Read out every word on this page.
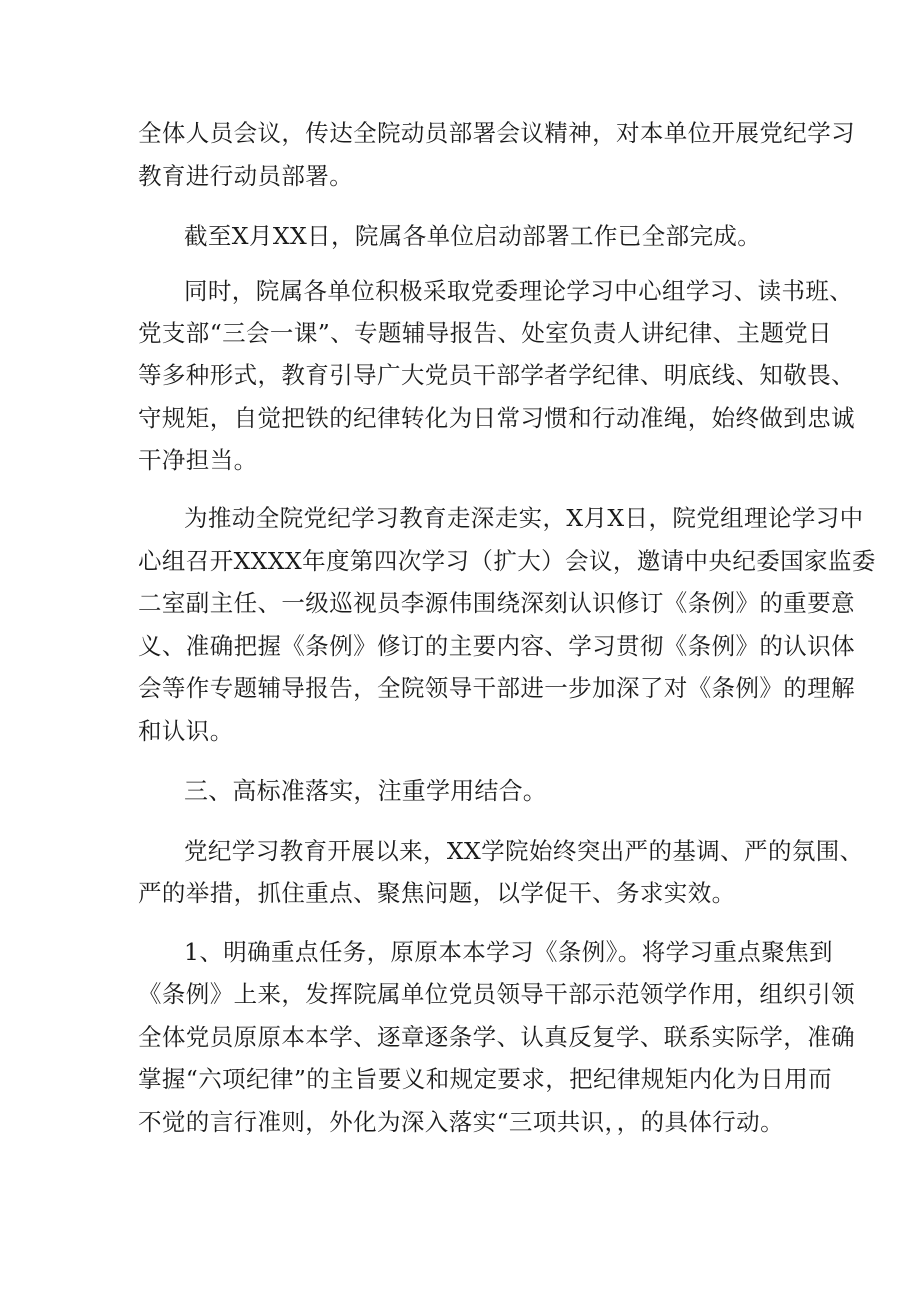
全体人员会议，传达全院动员部署会议精神，对本单位开展党纪学习
教育进行动员部署。
截至X月XX日，院属各单位启动部署工作已全部完成。
同时，院属各单位积极采取党委理论学习中心组学习、读书班、
党支部“三会一课”、专题辅导报告、处室负责人讲纪律、主题党日
等多种形式，教育引导广大党员干部学者学纪律、明底线、知敬畏、
守规矩，自觉把铁的纪律转化为日常习惯和行动准绳，始终做到忠诚
干净担当。
为推动全院党纪学习教育走深走实，X月X日，院党组理论学习中
心组召开XXXX年度第四次学习（扩大）会议，邀请中央纪委国家监委
二室副主任、一级巡视员李源伟围绕深刻认识修订《条例》的重要意
义、准确把握《条例》修订的主要内容、学习贯彻《条例》的认识体
会等作专题辅导报告，全院领导干部进一步加深了对《条例》的理解
和认识。
三、高标准落实，注重学用结合。
党纪学习教育开展以来，XX学院始终突出严的基调、严的氛围、
严的举措，抓住重点、聚焦问题，以学促干、务求实效。
1、明确重点任务，原原本本学习《条例》。将学习重点聚焦到
《条例》上来，发挥院属单位党员领导干部示范领学作用，组织引领
全体党员原原本本学、逐章逐条学、认真反复学、联系实际学，准确
掌握“六项纪律”的主旨要义和规定要求，把纪律规矩内化为日用而
不觉的言行准则，外化为深入落实“三项共识，，的具体行动。
